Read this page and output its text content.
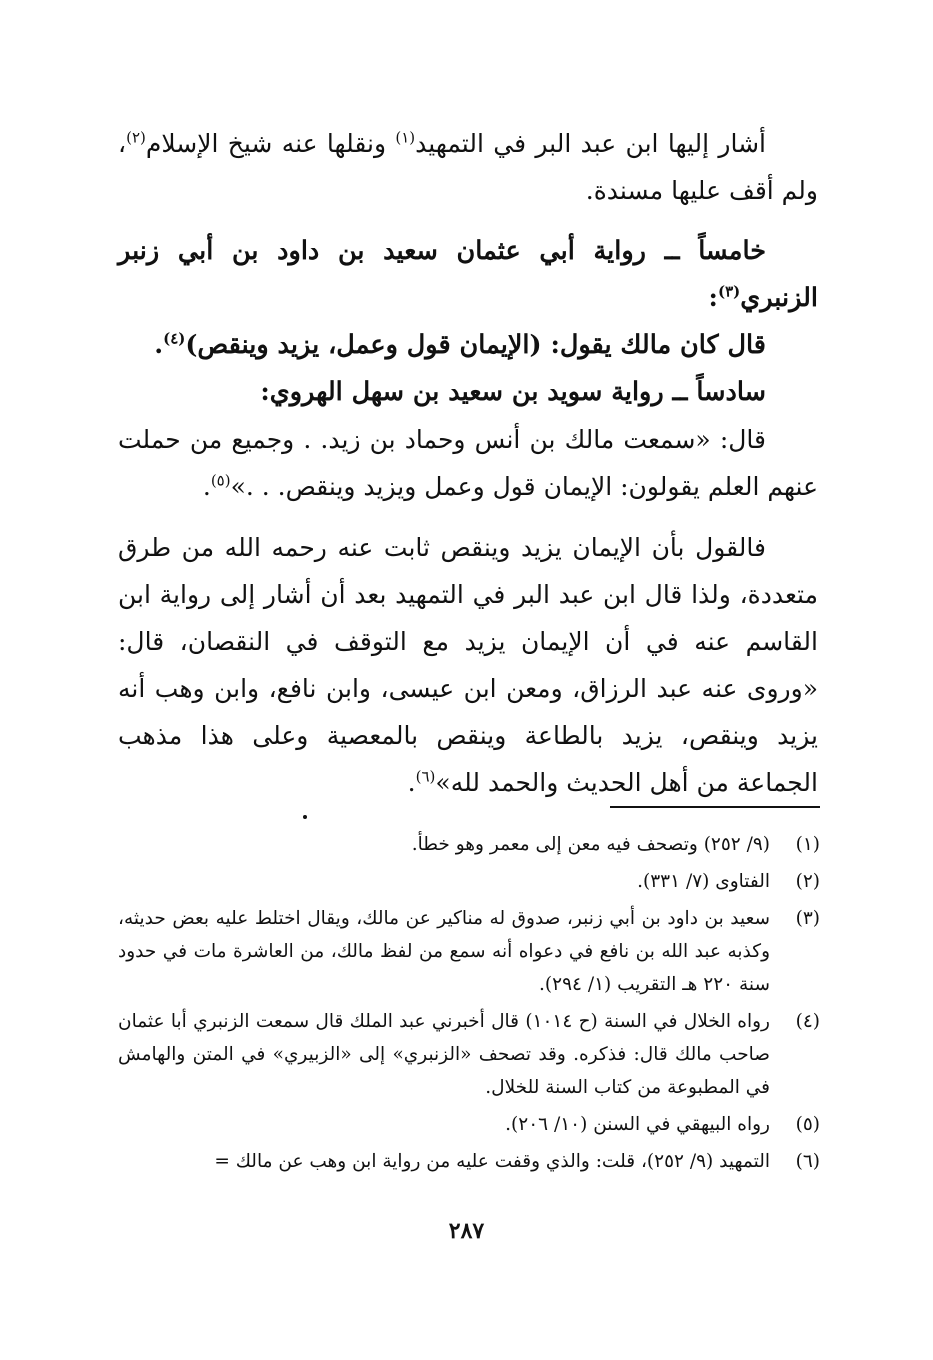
أشار إليها ابن عبد البر في التمهيد$^{(١)}$ ونقلها عنه شيخ الإسلام$^{(٢)}$، ولم أقف عليها مسندة.

خامساً ــ رواية أبي عثمان سعيد بن داود بن أبي زنبر الزنبري$^{(٣)}$:

قال كان مالك يقول: (الإيمان قول وعمل، يزيد وينقص)$^{(٤)}$.

سادساً ــ رواية سويد بن سعيد بن سهل الهروي:

قال: «سمعت مالك بن أنس وحماد بن زيد. . وجميع من حملت عنهم العلم يقولون: الإيمان قول وعمل ويزيد وينقص. . .»$^{(٥)}$.

فالقول بأن الإيمان يزيد وينقص ثابت عنه رحمه الله من طرق متعددة، ولذا قال ابن عبد البر في التمهيد بعد أن أشار إلى رواية ابن القاسم عنه في أن الإيمان يزيد مع التوقف في النقصان، قال: «وروى عنه عبد الرزاق، ومعن ابن عيسى، وابن نافع، وابن وهب أنه يزيد وينقص، يزيد بالطاعة وينقص بالمعصية وعلى هذا مذهب الجماعة من أهل الحديث والحمد لله»$^{(٦)}$.

(١)
(٩/ ٢٥٢) وتصحف فيه معن إلى معمر وهو خطأ.
(٢)
الفتاوى (٧/ ٣٣١).
(٣)
سعيد بن داود بن أبي زنبر، صدوق له مناكير عن مالك، ويقال اختلط عليه بعض حديثه، وكذبه عبد الله بن نافع في دعواه أنه سمع من لفظ مالك، من العاشرة مات في حدود سنة ٢٢٠ هـ التقريب (١/ ٢٩٤).
(٤)
رواه الخلال في السنة (ح ١٠١٤) قال أخبرني عبد الملك قال سمعت الزنبري أبا عثمان صاحب مالك قال: فذكره. وقد تصحف «الزنبري» إلى «الزبيري» في المتن والهامش في المطبوعة من كتاب السنة للخلال.
(٥)
رواه البيهقي في السنن (١٠/ ٢٠٦).
(٦)
التمهيد (٩/ ٢٥٢)، قلت: والذي وقفت عليه من رواية ابن وهب عن مالك =
٢٨٧
